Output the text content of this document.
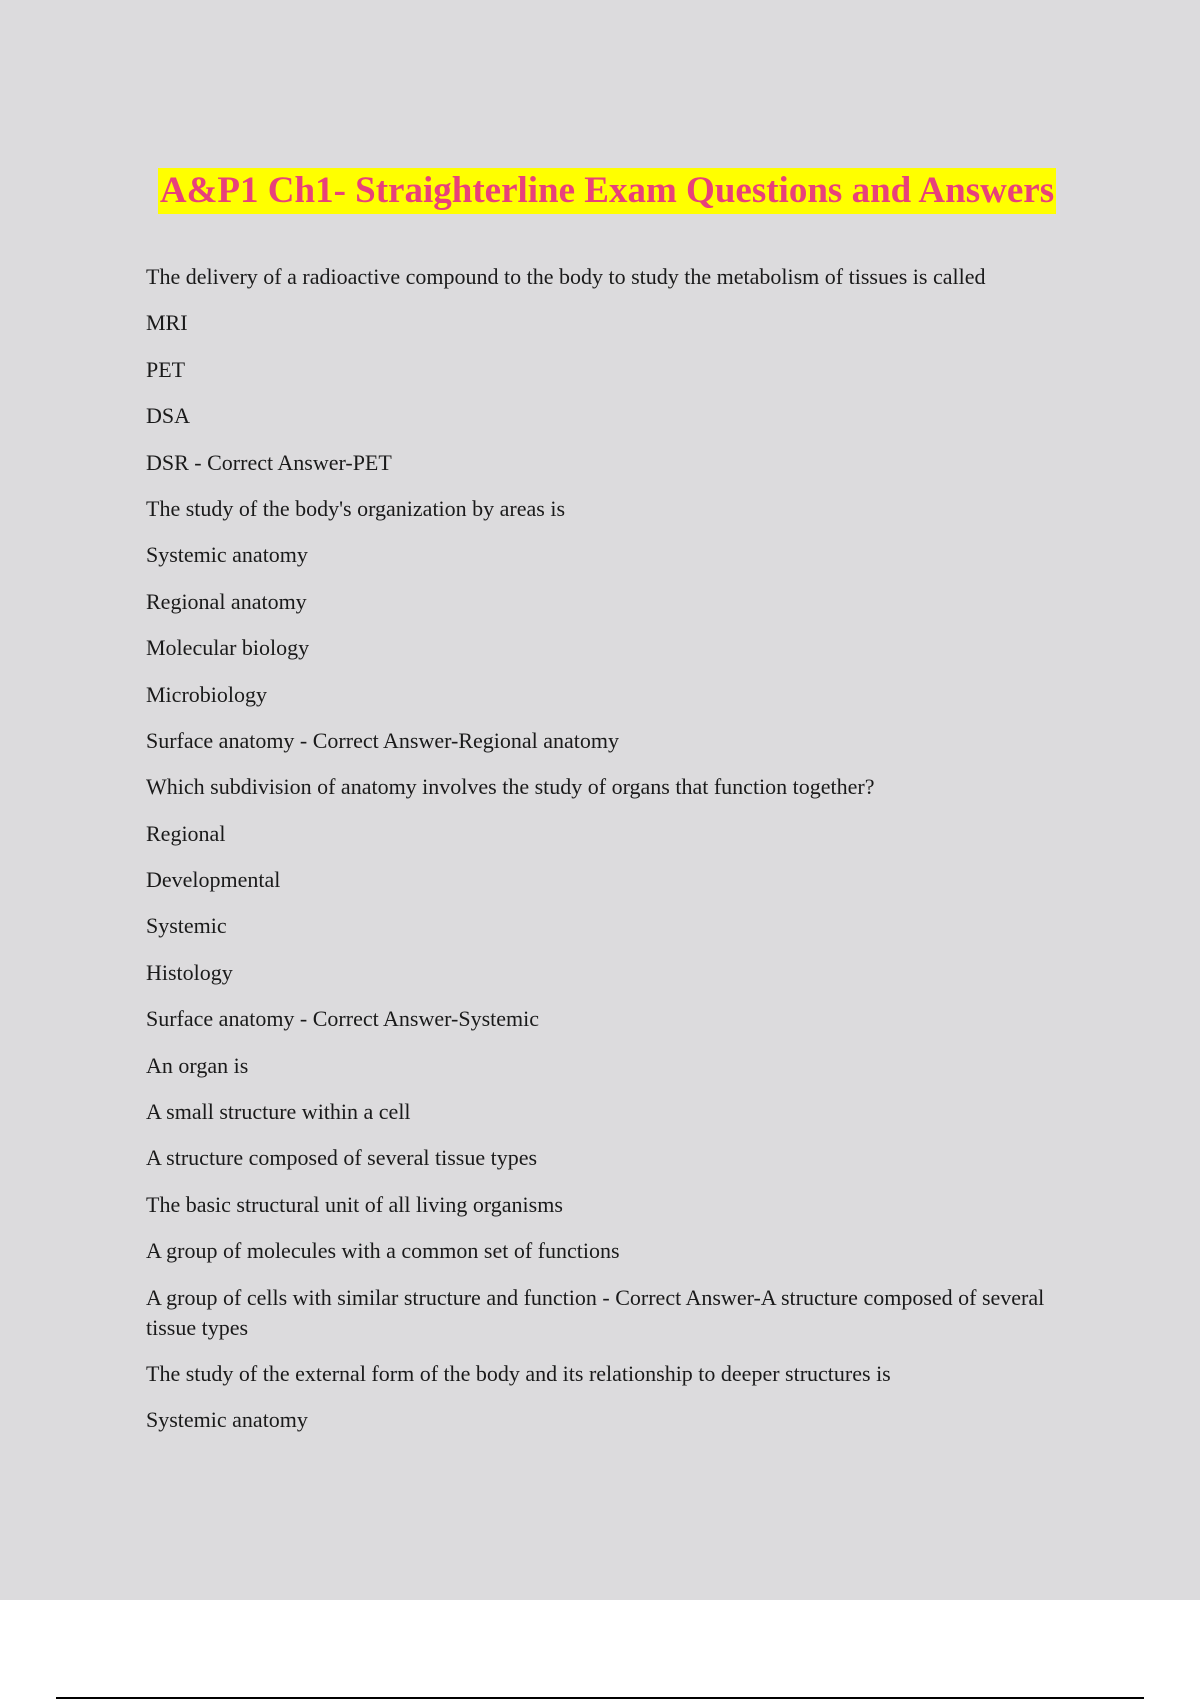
A&P1 Ch1- Straighterline Exam Questions and Answers
The delivery of a radioactive compound to the body to study the metabolism of tissues is called
MRI
PET
DSA
DSR - Correct Answer-PET
The study of the body's organization by areas is
Systemic anatomy
Regional anatomy
Molecular biology
Microbiology
Surface anatomy - Correct Answer-Regional anatomy
Which subdivision of anatomy involves the study of organs that function together?
Regional
Developmental
Systemic
Histology
Surface anatomy - Correct Answer-Systemic
An organ is
A small structure within a cell
A structure composed of several tissue types
The basic structural unit of all living organisms
A group of molecules with a common set of functions
A group of cells with similar structure and function - Correct Answer-A structure composed of several tissue types
The study of the external form of the body and its relationship to deeper structures is
Systemic anatomy
